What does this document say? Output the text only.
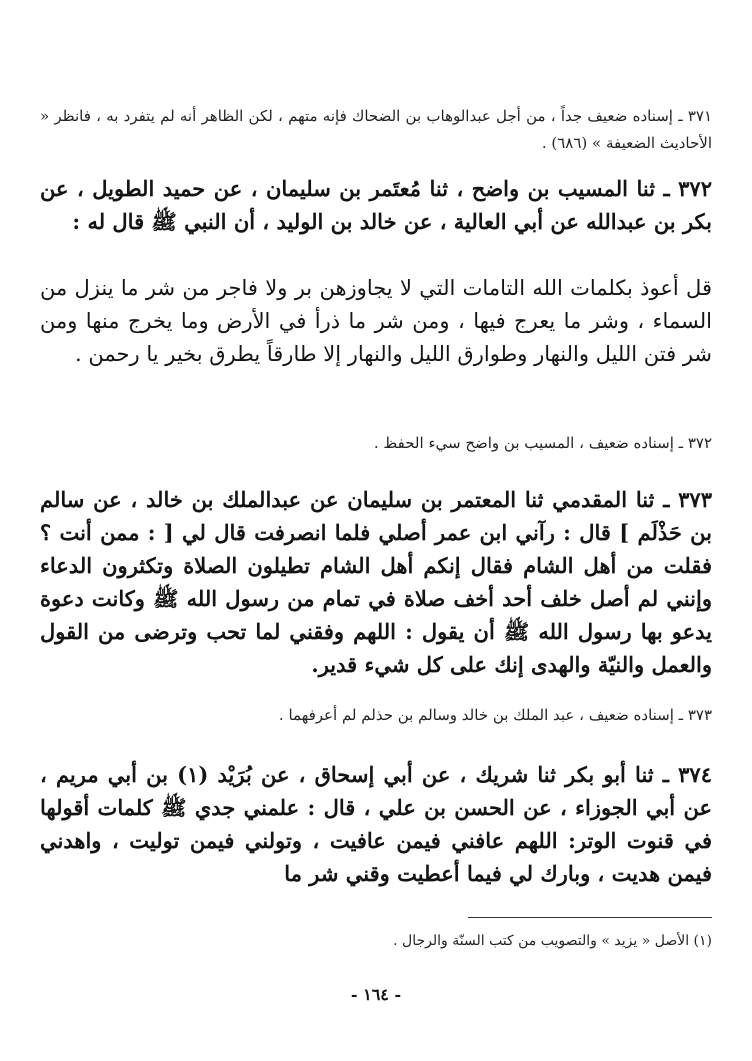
٣٧١ ـ إسناده ضعيف جداً ، من أجل عبدالوهاب بن الضحاك فإنه متهم ، لكن الظاهر أنه لم يتفرد به ، فانظر « الأحاديث الضعيفة » (٦٨٦) .
٣٧٢ ـ ثنا المسيب بن واضح ، ثنا مُعتَمر بن سليمان ، عن حميد الطويل ، عن بكر بن عبدالله عن أبي العالية ، عن خالد بن الوليد ، أن النبي ﷺ قال له :
قل أعوذ بكلمات الله التامات التي لا يجاوزهن بر ولا فاجر من شر ما ينزل من السماء ، وشر ما يعرج فيها ، ومن شر ما ذرأ في الأرض وما يخرج منها ومن شر فتن الليل والنهار وطوارق الليل والنهار إلا طارقاً يطرق بخير يا رحمن .
٣٧٢ ـ إسناده ضعيف ، المسيب بن واضح سيء الحفظ .
٣٧٣ ـ ثنا المقدمي ثنا المعتمر بن سليمان عن عبدالملك بن خالد ، عن سالم بن حَذْلَم ] قال : رآني ابن عمر أصلي فلما انصرفت قال لي [ : ممن أنت ؟ فقلت من أهل الشام فقال إنكم أهل الشام تطيلون الصلاة وتكثرون الدعاء وإنني لم أصل خلف أحد أخف صلاة في تمام من رسول الله ﷺ وكانت دعوة يدعو بها رسول الله ﷺ أن يقول : اللهم وفقني لما تحب وترضى من القول والعمل والنيّة والهدى إنك على كل شيء قدير.
٣٧٣ ـ إسناده ضعيف ، عبد الملك بن خالد وسالم بن حذلم لم أعرفهما .
٣٧٤ ـ ثنا أبو بكر ثنا شريك ، عن أبي إسحاق ، عن بُرَيْد (١) بن أبي مريم ، عن أبي الجوزاء ، عن الحسن بن علي ، قال : علمني جدي ﷺ كلمات أقولها في قنوت الوتر: اللهم عافني فيمن عافيت ، وتولني فيمن توليت ، واهدني فيمن هديت ، وبارك لي فيما أعطيت وقني شر ما
(١) الأصل « يزيد » والتصويب من كتب السنّة والرجال .
- ١٦٤ -
